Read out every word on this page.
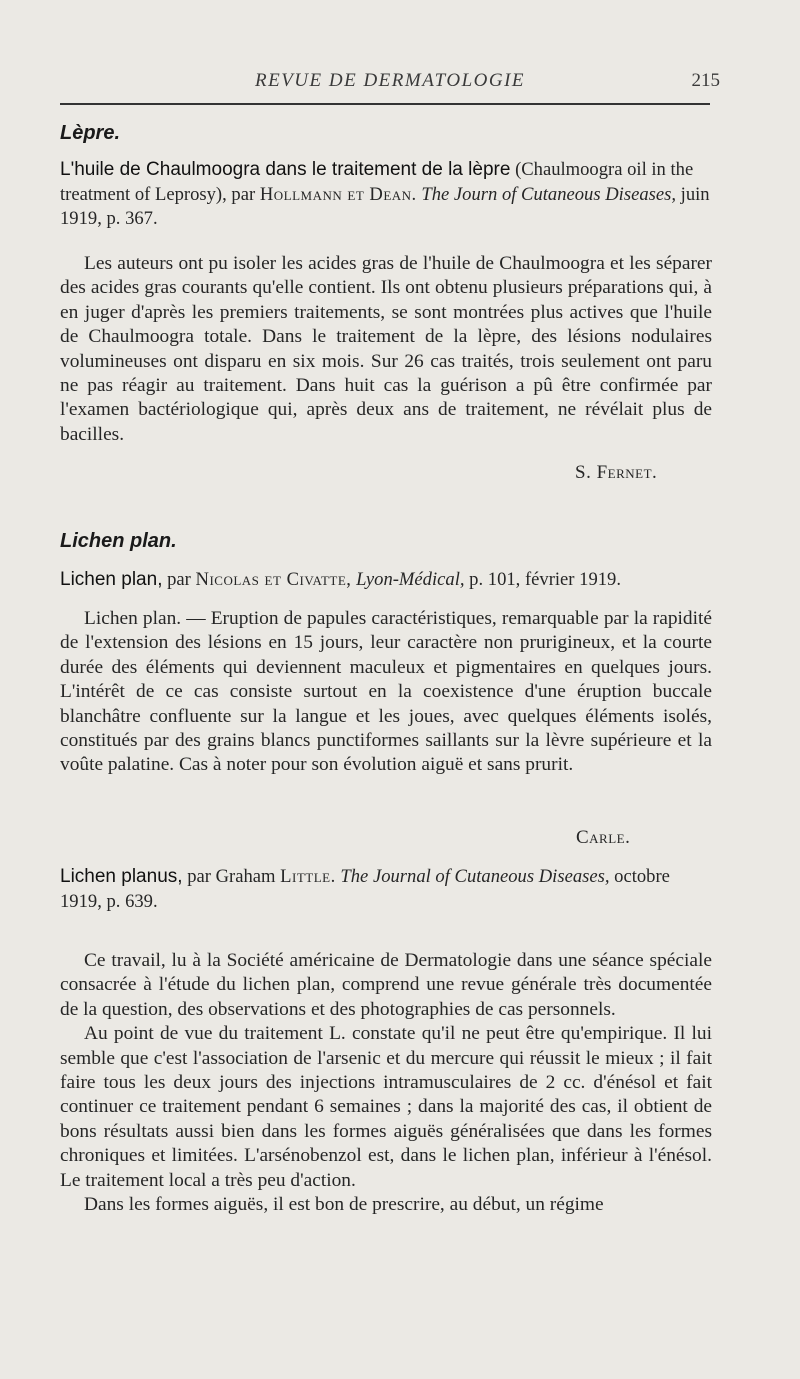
REVUE DE DERMATOLOGIE	215
Lèpre.
L'huile de Chaulmoogra dans le traitement de la lèpre (Chaulmoogra oil in the treatment of Leprosy), par Hollmann et Dean. The Journ of Cutaneous Diseases, juin 1919, p. 367.

Les auteurs ont pu isoler les acides gras de l'huile de Chaulmoogra et les séparer des acides gras courants qu'elle contient. Ils ont obtenu plusieurs préparations qui, à en juger d'après les premiers traitements, se sont montrées plus actives que l'huile de Chaulmoogra totale. Dans le traitement de la lèpre, des lésions nodulaires volumineuses ont disparu en six mois. Sur 26 cas traités, trois seulement ont paru ne pas réagir au traitement. Dans huit cas la guérison a pû être confirmée par l'examen bactériologique qui, après deux ans de traitement, ne révélait plus de bacilles.

S. Fernet.
Lichen plan.
Lichen plan, par Nicolas et Civatte, Lyon-Médical, p. 101, février 1919.

Lichen plan. — Eruption de papules caractéristiques, remarquable par la rapidité de l'extension des lésions en 15 jours, leur caractère non prurigineux, et la courte durée des éléments qui deviennent maculeux et pigmentaires en quelques jours. L'intérêt de ce cas consiste surtout en la coexistence d'une éruption buccale blanchâtre confluente sur la langue et les joues, avec quelques éléments isolés, constitués par des grains blancs punctiformes saillants sur la lèvre supérieure et la voûte palatine. Cas à noter pour son évolution aiguë et sans prurit.

Carle.
Lichen planus, par Graham Little. The Journal of Cutaneous Diseases, octobre 1919, p. 639.

Ce travail, lu à la Société américaine de Dermatologie dans une séance spéciale consacrée à l'étude du lichen plan, comprend une revue générale très documentée de la question, des observations et des photographies de cas personnels.

Au point de vue du traitement L. constate qu'il ne peut être qu'empirique. Il lui semble que c'est l'association de l'arsenic et du mercure qui réussit le mieux ; il fait faire tous les deux jours des injections intramusculaires de 2 cc. d'énésol et fait continuer ce traitement pendant 6 semaines ; dans la majorité des cas, il obtient de bons résultats aussi bien dans les formes aiguës généralisées que dans les formes chroniques et limitées. L'arsénobenzol est, dans le lichen plan, inférieur à l'énésol. Le traitement local a très peu d'action.

Dans les formes aiguës, il est bon de prescrire, au début, un régime
